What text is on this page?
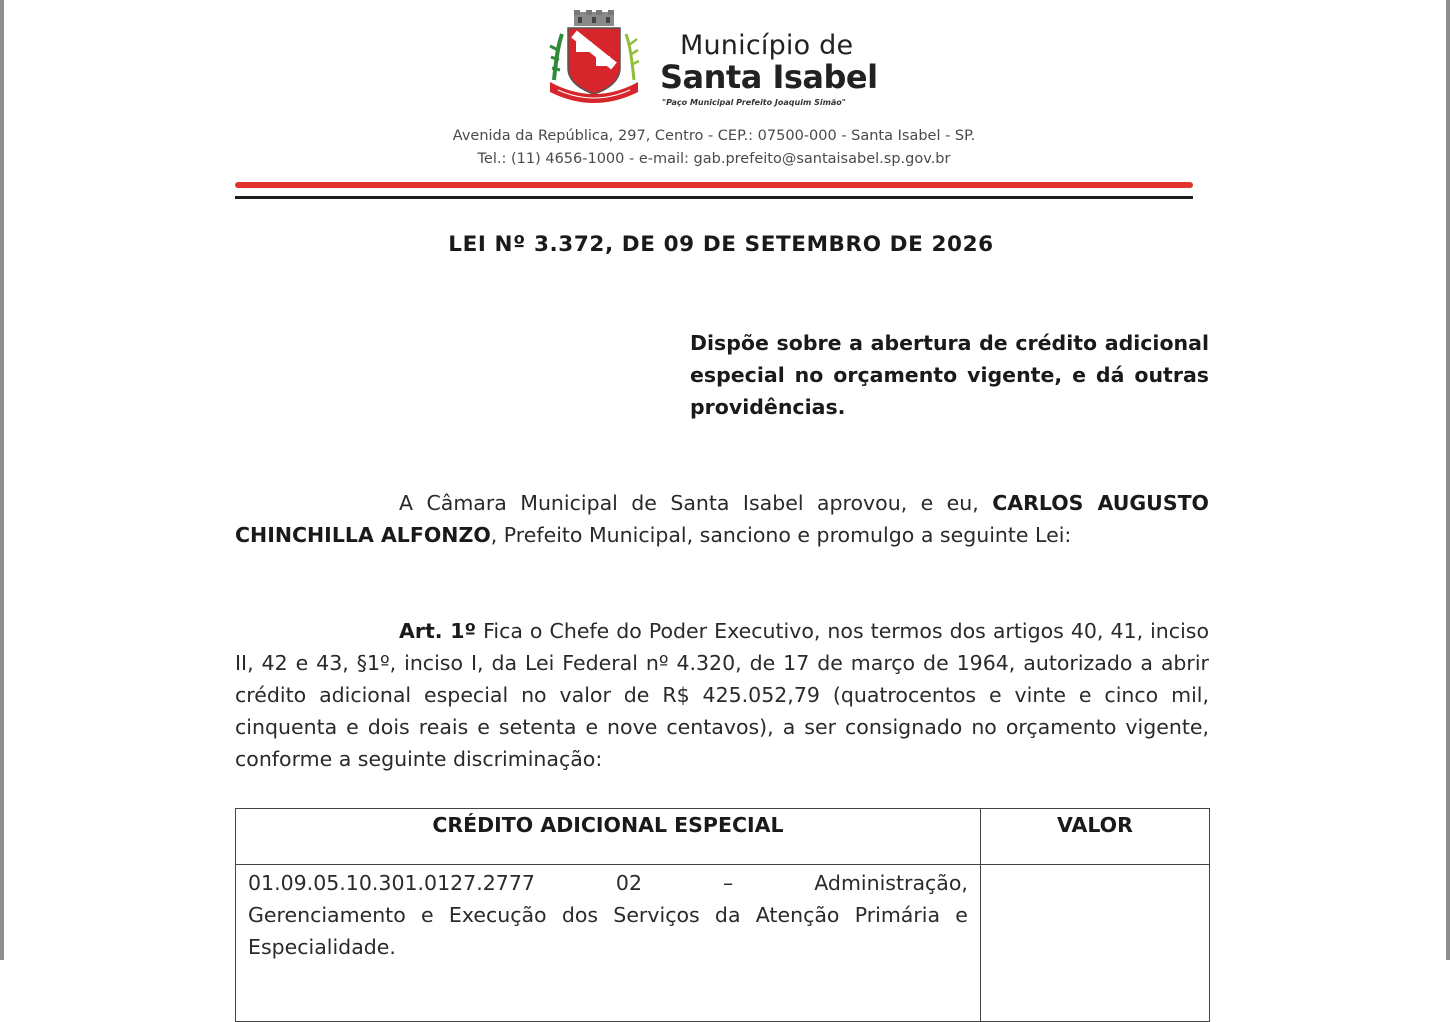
Município de
Santa Isabel
"Paço Municipal Prefeito Joaquim Simão"
Avenida da República, 297, Centro - CEP.: 07500-000 - Santa Isabel - SP.
Tel.: (11) 4656-1000 - e-mail: gab.prefeito@santaisabel.sp.gov.br
LEI Nº 3.372, DE 09 DE SETEMBRO DE 2026
Dispõe sobre a abertura de crédito adicional especial no orçamento vigente, e dá outras providências.
A Câmara Municipal de Santa Isabel aprovou, e eu, CARLOS AUGUSTO CHINCHILLA ALFONZO, Prefeito Municipal, sanciono e promulgo a seguinte Lei:
Art. 1º Fica o Chefe do Poder Executivo, nos termos dos artigos 40, 41, inciso II, 42 e 43, §1º, inciso I, da Lei Federal nº 4.320, de 17 de março de 1964, autorizado a abrir crédito adicional especial no valor de R$ 425.052,79 (quatrocentos e vinte e cinco mil, cinquenta e dois reais e setenta e nove centavos), a ser consignado no orçamento vigente, conforme a seguinte discriminação:
CRÉDITO ADICIONAL ESPECIAL	VALOR

01.09.05.10.301.0127.2777 02 – Administração,
Gerenciamento e Execução dos Serviços da Atenção Primária e Especialidade.	
